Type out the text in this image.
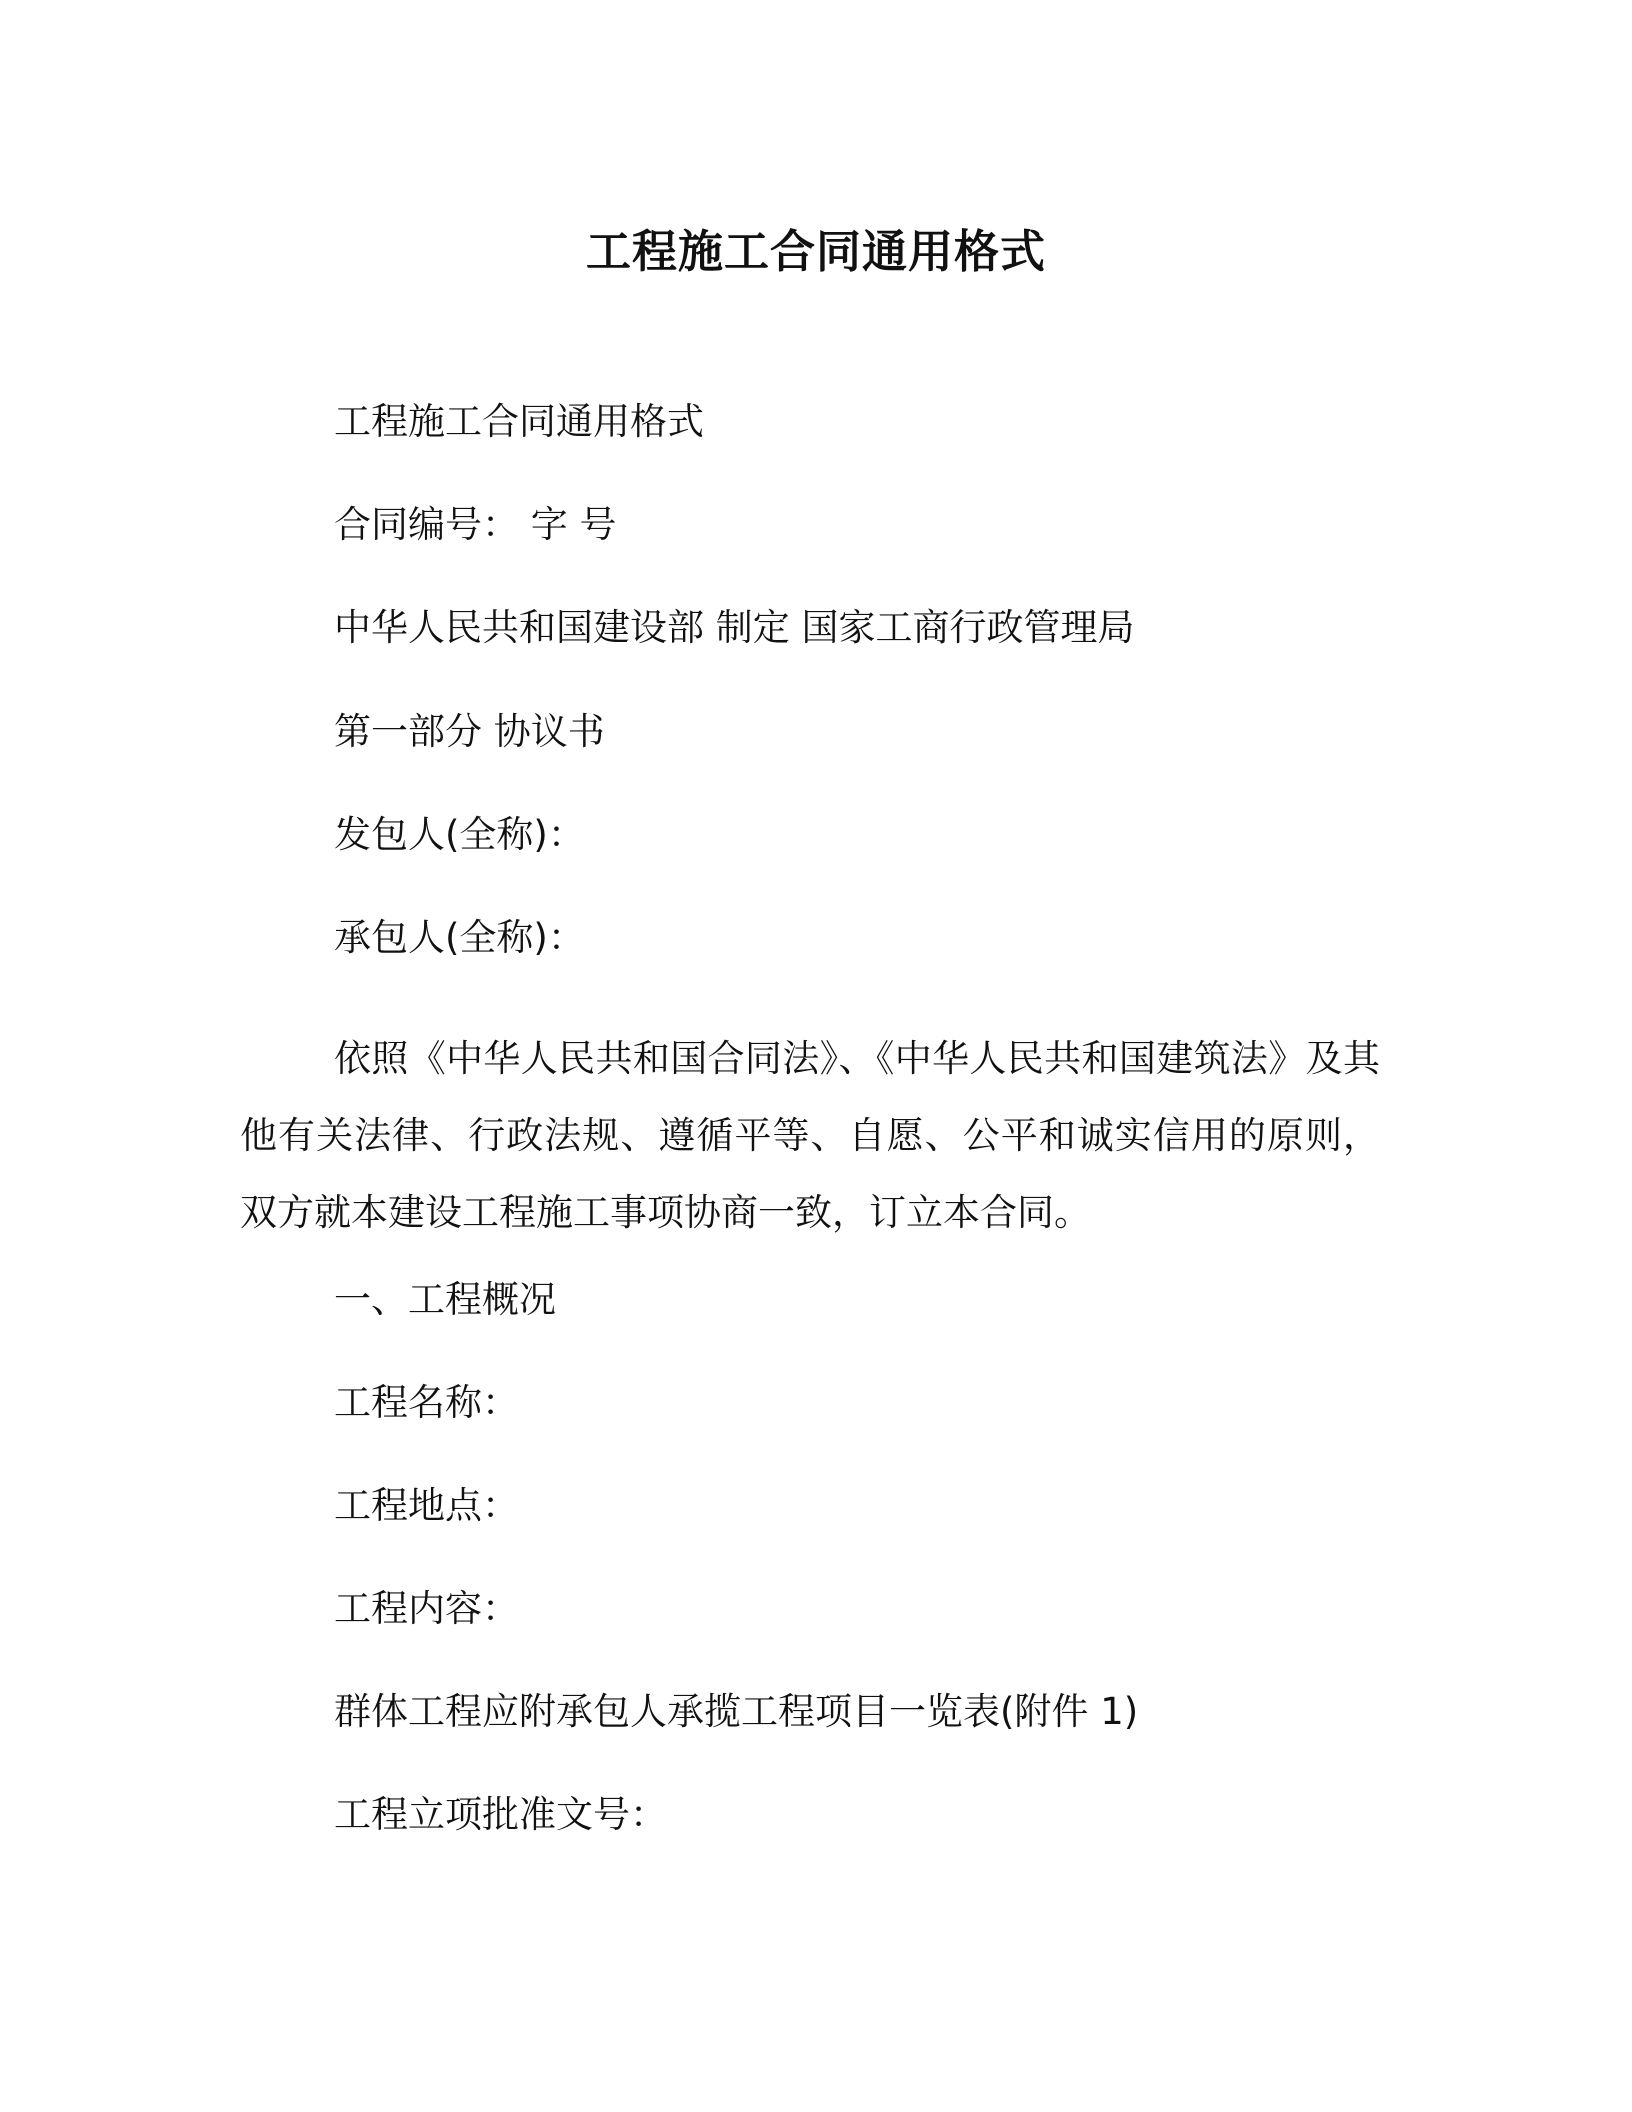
工程施工合同通用格式
工程施工合同通用格式
合同编号： 字 号
中华人民共和国建设部 制定 国家工商行政管理局
第一部分 协议书
发包人(全称)：
承包人(全称)：
依照《中华人民共和国合同法》、《中华人民共和国建筑法》及其他有关法律、行政法规、遵循平等、自愿、公平和诚实信用的原则，双方就本建设工程施工事项协商一致，订立本合同。
一、工程概况
工程名称：
工程地点：
工程内容：
群体工程应附承包人承揽工程项目一览表(附件 1)
工程立项批准文号：
